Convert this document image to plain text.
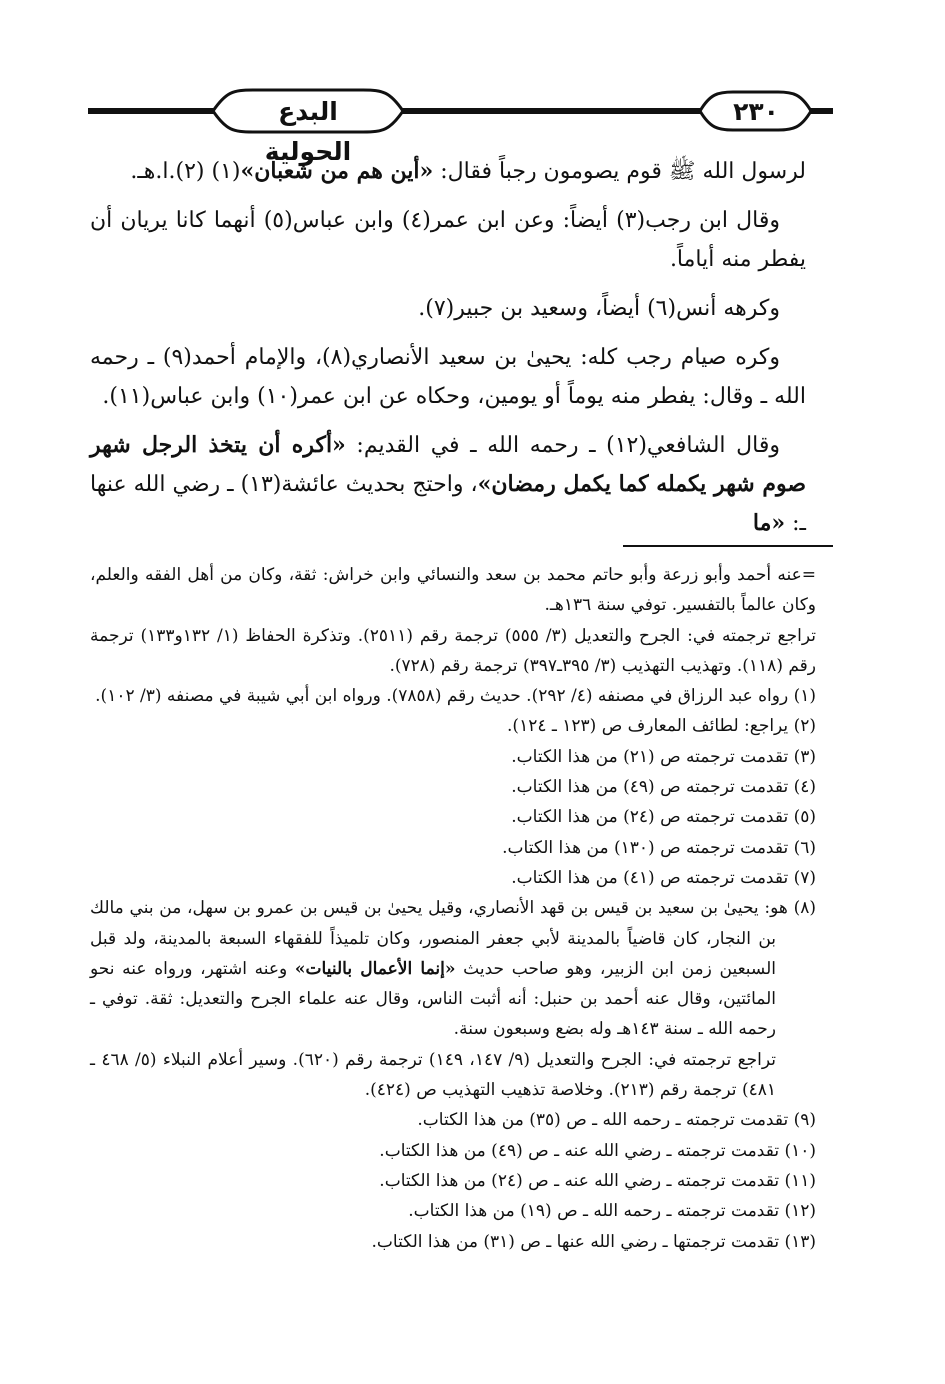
البدع الحولية
٢٣٠

لرسول الله ﷺ قوم يصومون رجباً فقال: «أين هم من شعبان»(١) (٢).ا.هـ.

وقال ابن رجب(٣) أيضاً: وعن ابن عمر(٤) وابن عباس(٥) أنهما كانا يريان أن يفطر منه أياماً.

وكرهه أنس(٦) أيضاً، وسعيد بن جبير(٧).

وكره صيام رجب كله: يحيىٰ بن سعيد الأنصاري(٨)، والإمام أحمد(٩) ـ رحمه الله ـ وقال: يفطر منه يوماً أو يومين، وحكاه عن ابن عمر(١٠) وابن عباس(١١).

وقال الشافعي(١٢) ـ رحمه الله ـ في القديم: «أكره أن يتخذ الرجل شهر صوم شهر يكمله كما يكمل رمضان»، واحتج بحديث عائشة(١٣) ـ رضي الله عنها ـ: «ما

=عنه أحمد وأبو زرعة وأبو حاتم محمد بن سعد والنسائي وابن خراش: ثقة، وكان من أهل الفقه والعلم، وكان عالماً بالتفسير. توفي سنة ١٣٦هـ.

تراجع ترجمته في: الجرح والتعديل (٣/ ٥٥٥) ترجمة رقم (٢٥١١). وتذكرة الحفاظ (١/ ١٣٢و١٣٣) ترجمة رقم (١١٨). وتهذيب التهذيب (٣/ ٣٩٥ـ٣٩٧) ترجمة رقم (٧٢٨).

(١) رواه عبد الرزاق في مصنفه (٤/ ٢٩٢). حديث رقم (٧٨٥٨). ورواه ابن أبي شيبة في مصنفه (٣/ ١٠٢).

(٢) يراجع: لطائف المعارف ص (١٢٣ ـ ١٢٤).

(٣) تقدمت ترجمته ص (٢١) من هذا الكتاب.

(٤) تقدمت ترجمته ص (٤٩) من هذا الكتاب.

(٥) تقدمت ترجمته ص (٢٤) من هذا الكتاب.

(٦) تقدمت ترجمته ص (١٣٠) من هذا الكتاب.

(٧) تقدمت ترجمته ص (٤١) من هذا الكتاب.

(٨) هو: يحيىٰ بن سعيد بن قيس بن قهد الأنصاري، وقيل يحيىٰ بن قيس بن عمرو بن سهل، من بني مالك بن النجار، كان قاضياً بالمدينة لأبي جعفر المنصور، وكان تلميذاً للفقهاء السبعة بالمدينة، ولد قبل السبعين زمن ابن الزبير، وهو صاحب حديث «إنما الأعمال بالنيات» وعنه اشتهر، ورواه عنه نحو المائتين، وقال عنه أحمد بن حنبل: أنه أثبت الناس، وقال عنه علماء الجرح والتعديل: ثقة. توفي ـ رحمه الله ـ سنة ١٤٣هـ وله بضع وسبعون سنة.

تراجع ترجمته في: الجرح والتعديل (٩/ ١٤٧، ١٤٩) ترجمة رقم (٦٢٠). وسير أعلام النبلاء (٥/ ٤٦٨ ـ ٤٨١) ترجمة رقم (٢١٣). وخلاصة تذهيب التهذيب ص (٤٢٤).

(٩) تقدمت ترجمته ـ رحمه الله ـ ص (٣٥) من هذا الكتاب.

(١٠) تقدمت ترجمته ـ رضي الله عنه ـ ص (٤٩) من هذا الكتاب.

(١١) تقدمت ترجمته ـ رضي الله عنه ـ ص (٢٤) من هذا الكتاب.

(١٢) تقدمت ترجمته ـ رحمه الله ـ ص (١٩) من هذا الكتاب.

(١٣) تقدمت ترجمتها ـ رضي الله عنها ـ ص (٣١) من هذا الكتاب.
